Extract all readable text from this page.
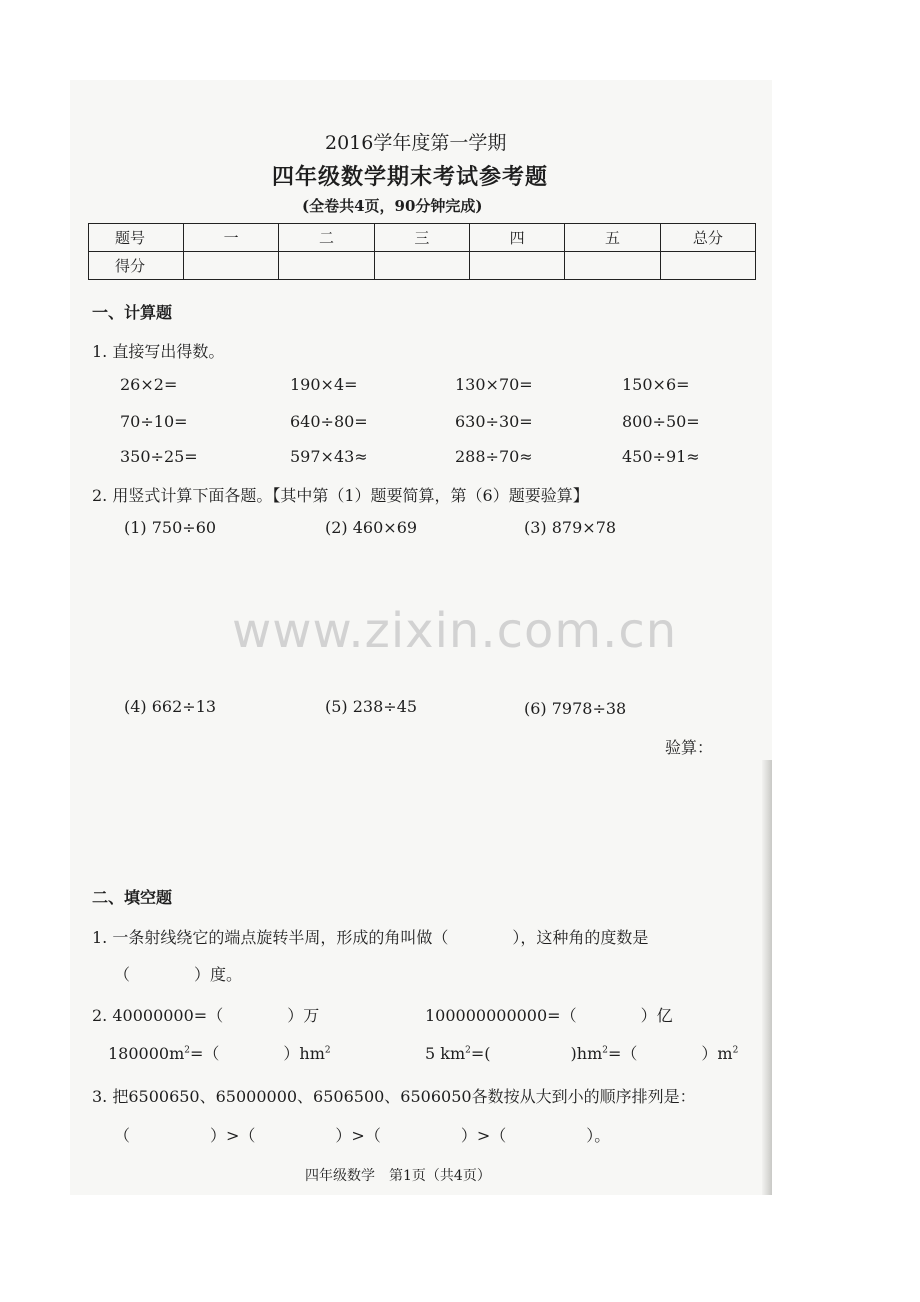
2016学年度第一学期
四年级数学期末考试参考题
(全卷共4页，90分钟完成)
题号	一	二	三	四	五	总分
得分						
一、计算题
1. 直接写出得数。
26×2=	190×4=	130×70=	150×6=
70÷10=	640÷80=	630÷30=	800÷50=
350÷25=	597×43≈	288÷70≈	450÷91≈
2. 用竖式计算下面各题。【其中第（1）题要简算，第（6）题要验算】
(1) 750÷60	(2) 460×69	(3) 879×78
www.zixin.com.cn
(4) 662÷13	(5) 238÷45	(6) 7978÷38
验算：
二、填空题
1. 一条射线绕它的端点旋转半周，形成的角叫做（　　　　），这种角的度数是
（　　　　）度。
2. 40000000=（　　　　）万	100000000000=（　　　　）亿
$180000m^2=$（　　　　）$hm^2$	5 $km^2=$(　　　　　)$hm^2=$（　　　　）$m^2$
3. 把6500650、65000000、6506500、6506050各数按从大到小的顺序排列是：
（　　　　　）>（　　　　　）>（　　　　　）>（　　　　　）。
四年级数学　第1页（共4页）
